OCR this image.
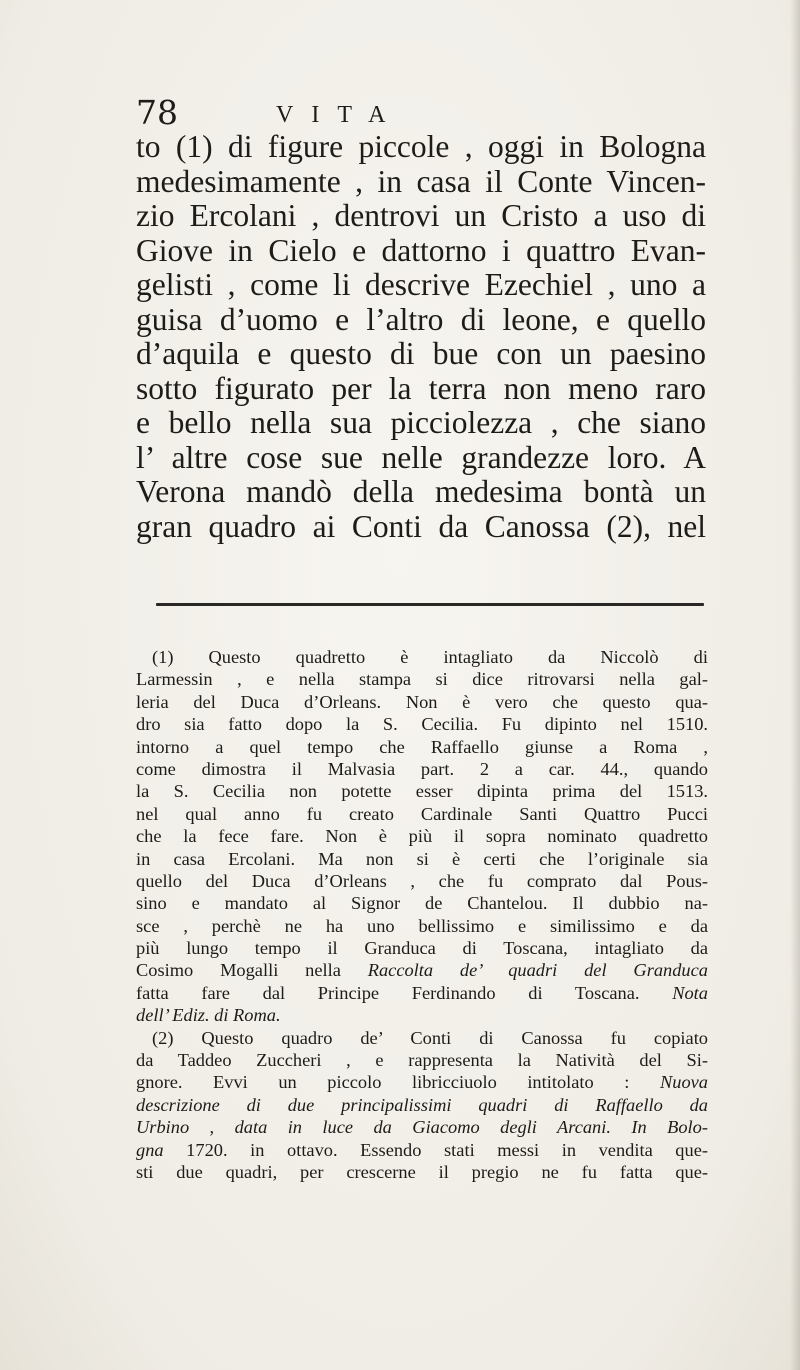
78	VITA
to (1) di figure piccole , oggi in Bologna
medesimamente , in casa il Conte Vincen-
zio Ercolani , dentrovi un Cristo a uso di
Giove in Cielo e dattorno i quattro Evan-
gelisti , come li descrive Ezechiel , uno a
guisa d’uomo e l’altro di leone, e quello
d’aquila e questo di bue con un paesino
sotto figurato per la terra non meno raro
e bello nella sua picciolezza , che siano
l’ altre cose sue nelle grandezze loro. A
Verona mandò della medesima bontà un
gran quadro ai Conti da Canossa (2), nel
(1) Questo quadretto è intagliato da Niccolò di
Larmessin , e nella stampa si dice ritrovarsi nella gal-
leria del Duca d’Orleans. Non è vero che questo qua-
dro sia fatto dopo la S. Cecilia. Fu dipinto nel 1510.
intorno a quel tempo che Raffaello giunse a Roma ,
come dimostra il Malvasia part. 2 a car. 44., quando
la S. Cecilia non potette esser dipinta prima del 1513.
nel qual anno fu creato Cardinale Santi Quattro Pucci
che la fece fare. Non è più il sopra nominato quadretto
in casa Ercolani. Ma non si è certi che l’originale sia
quello del Duca d’Orleans , che fu comprato dal Pous-
sino e mandato al Signor de Chantelou. Il dubbio na-
sce , perchè ne ha uno bellissimo e similissimo e da
più lungo tempo il Granduca di Toscana, intagliato da
Cosimo Mogalli nella Raccolta de’ quadri del Granduca
fatta fare dal Principe Ferdinando di Toscana. Nota
dell’ Ediz. di Roma.
(2) Questo quadro de’ Conti di Canossa fu copiato
da Taddeo Zuccheri , e rappresenta la Natività del Si-
gnore. Evvi un piccolo libricciuolo intitolato : Nuova
descrizione di due principalissimi quadri di Raffaello da
Urbino , data in luce da Giacomo degli Arcani. In Bolo-
gna 1720. in ottavo. Essendo stati messi in vendita que-
sti due quadri, per crescerne il pregio ne fu fatta que-
